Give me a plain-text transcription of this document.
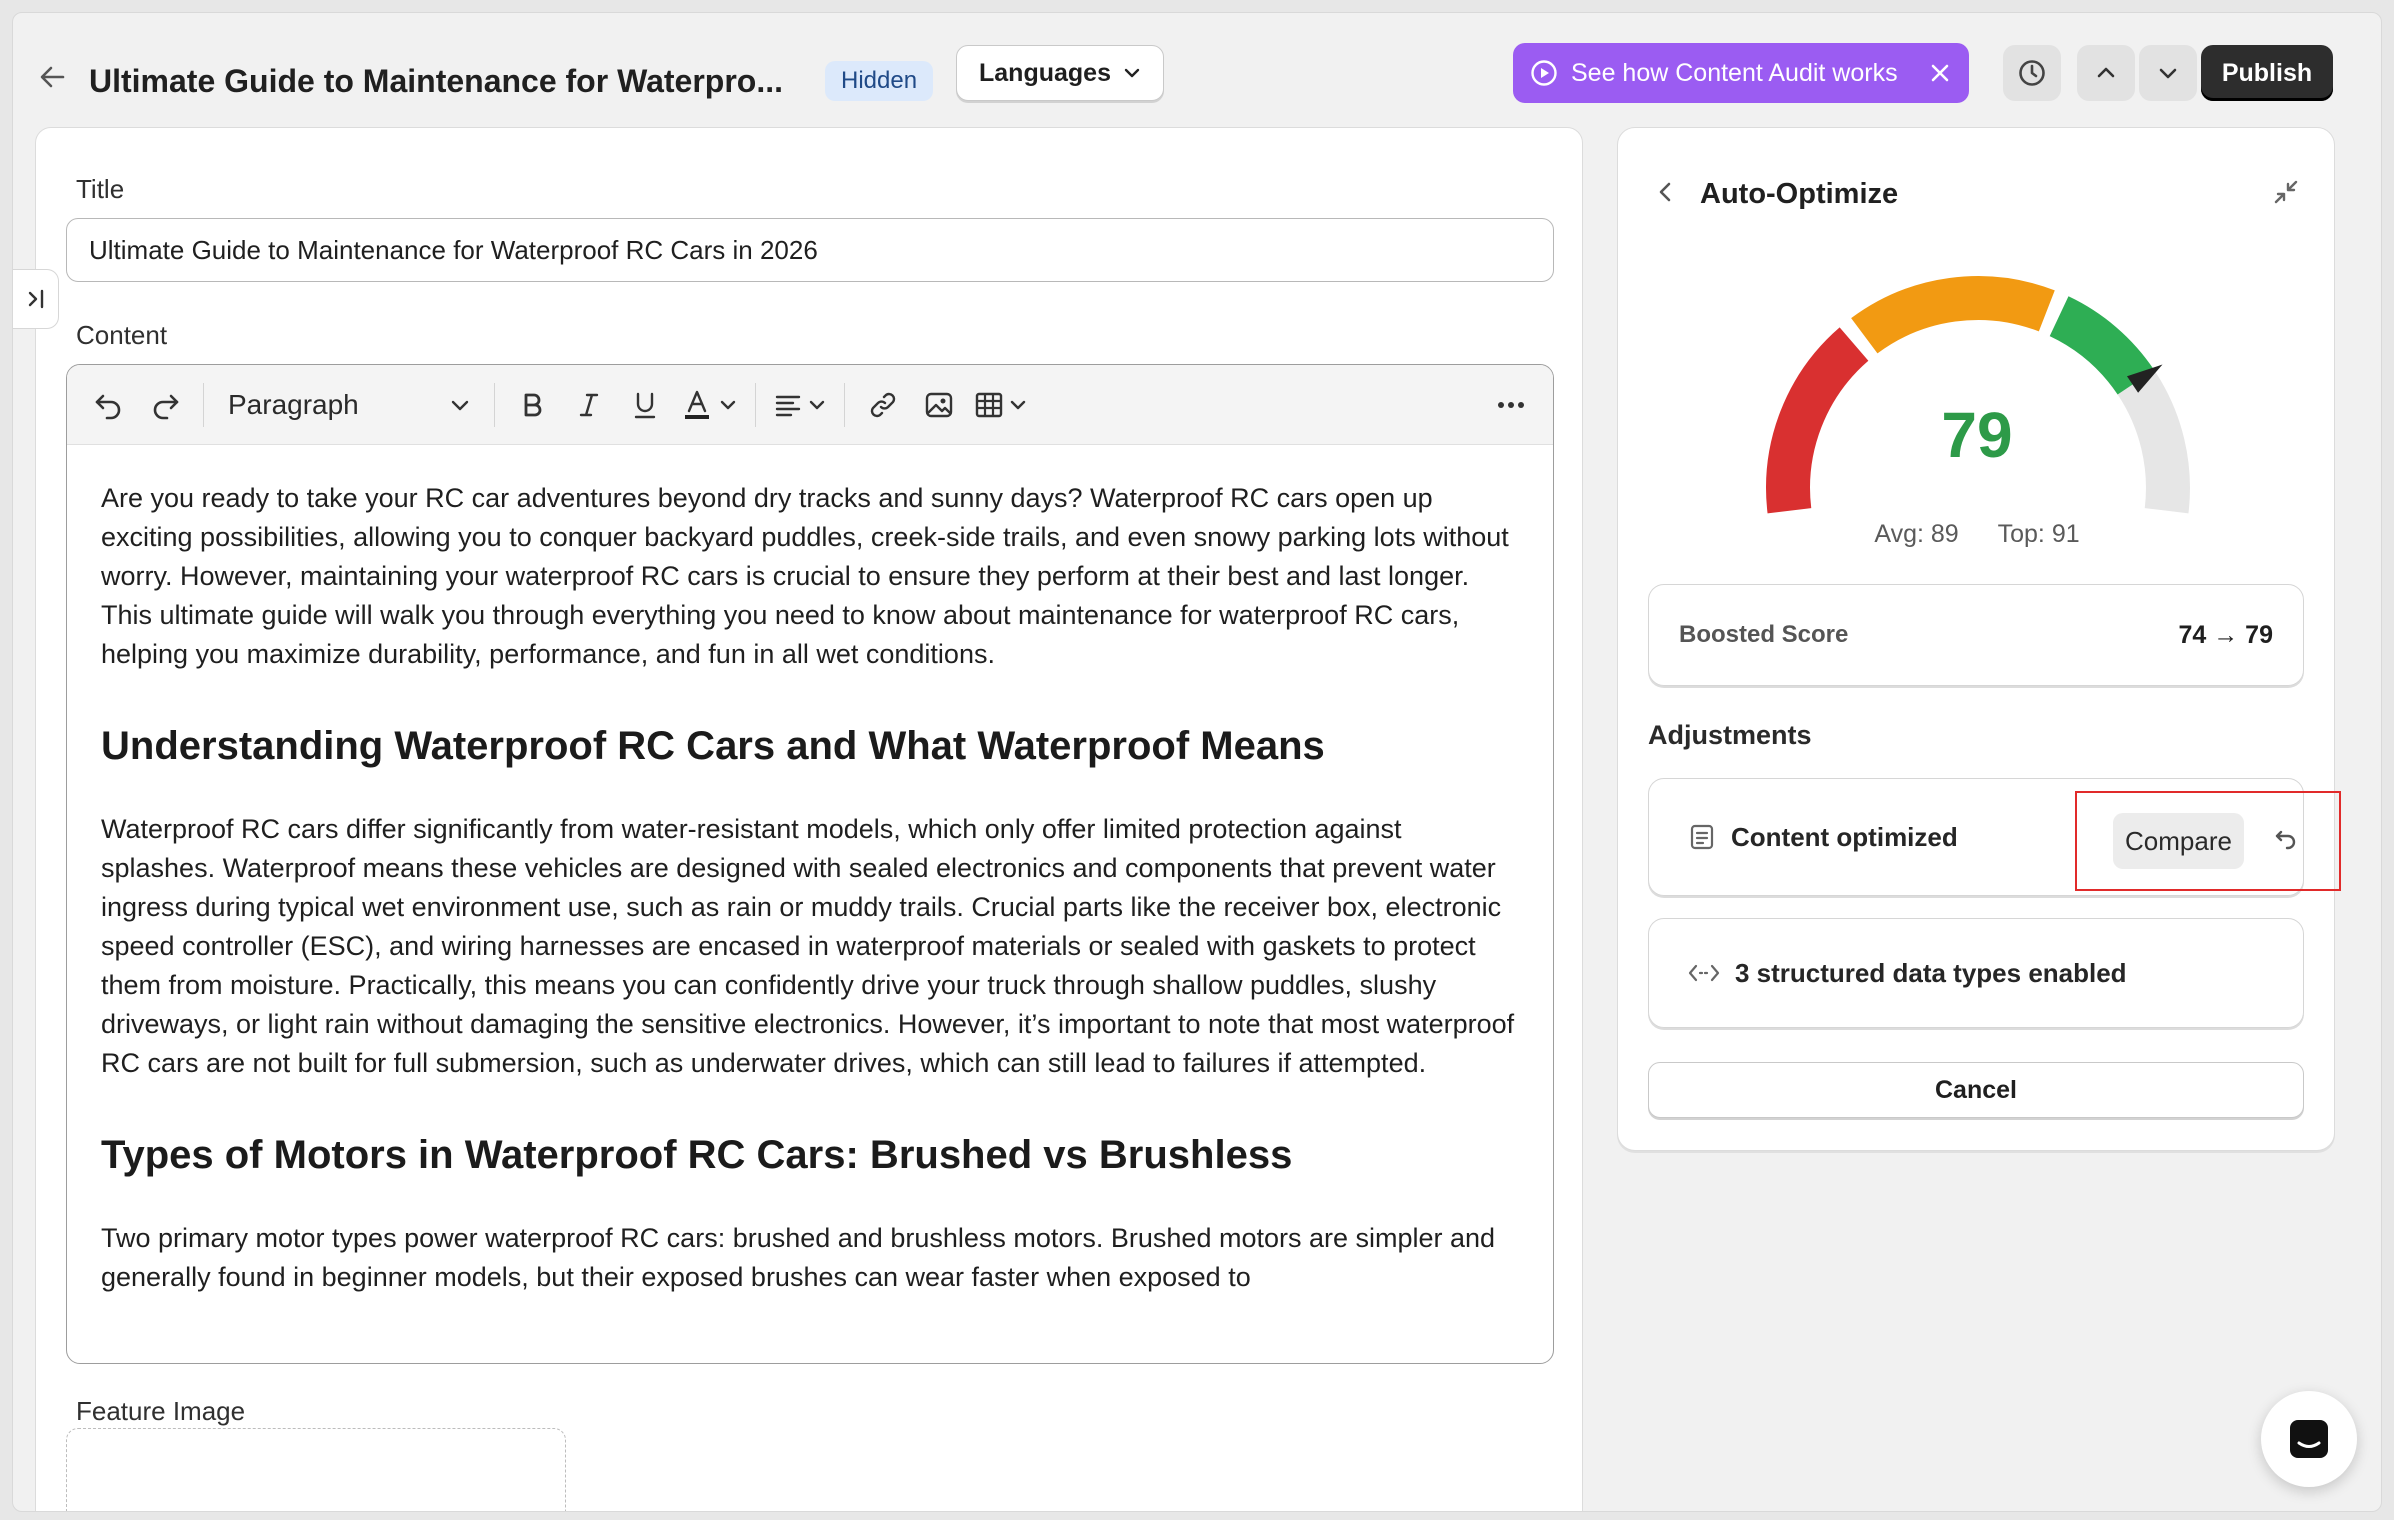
Ultimate Guide to Maintenance for Waterpro...	Hidden	Languages	See how Content Audit works	Publish
Title
Ultimate Guide to Maintenance for Waterproof RC Cars in 2026
Content
Paragraph

Are you ready to take your RC car adventures beyond dry tracks and sunny days? Waterproof RC cars open up exciting possibilities, allowing you to conquer backyard puddles, creek-side trails, and even snowy parking lots without worry. However, maintaining your waterproof RC cars is crucial to ensure they perform at their best and last longer. This ultimate guide will walk you through everything you need to know about maintenance for waterproof RC cars, helping you maximize durability, performance, and fun in all wet conditions.

Understanding Waterproof RC Cars and What Waterproof Means

Waterproof RC cars differ significantly from water-resistant models, which only offer limited protection against splashes. Waterproof means these vehicles are designed with sealed electronics and components that prevent water ingress during typical wet environment use, such as rain or muddy trails. Crucial parts like the receiver box, electronic speed controller (ESC), and wiring harnesses are encased in waterproof materials or sealed with gaskets to protect them from moisture. Practically, this means you can confidently drive your truck through shallow puddles, slushy driveways, or light rain without damaging the sensitive electronics. However, it’s important to note that most waterproof RC cars are not built for full submersion, such as underwater drives, which can still lead to failures if attempted.

Types of Motors in Waterproof RC Cars: Brushed vs Brushless

Two primary motor types power waterproof RC cars: brushed and brushless motors. Brushed motors are simpler and generally found in beginner models, but their exposed brushes can wear faster when exposed to

Feature Image
Auto-Optimize
79
Avg: 89 Top: 91
Boosted Score	74 → 79
Adjustments
Content optimized	Compare
3 structured data types enabled
Cancel
